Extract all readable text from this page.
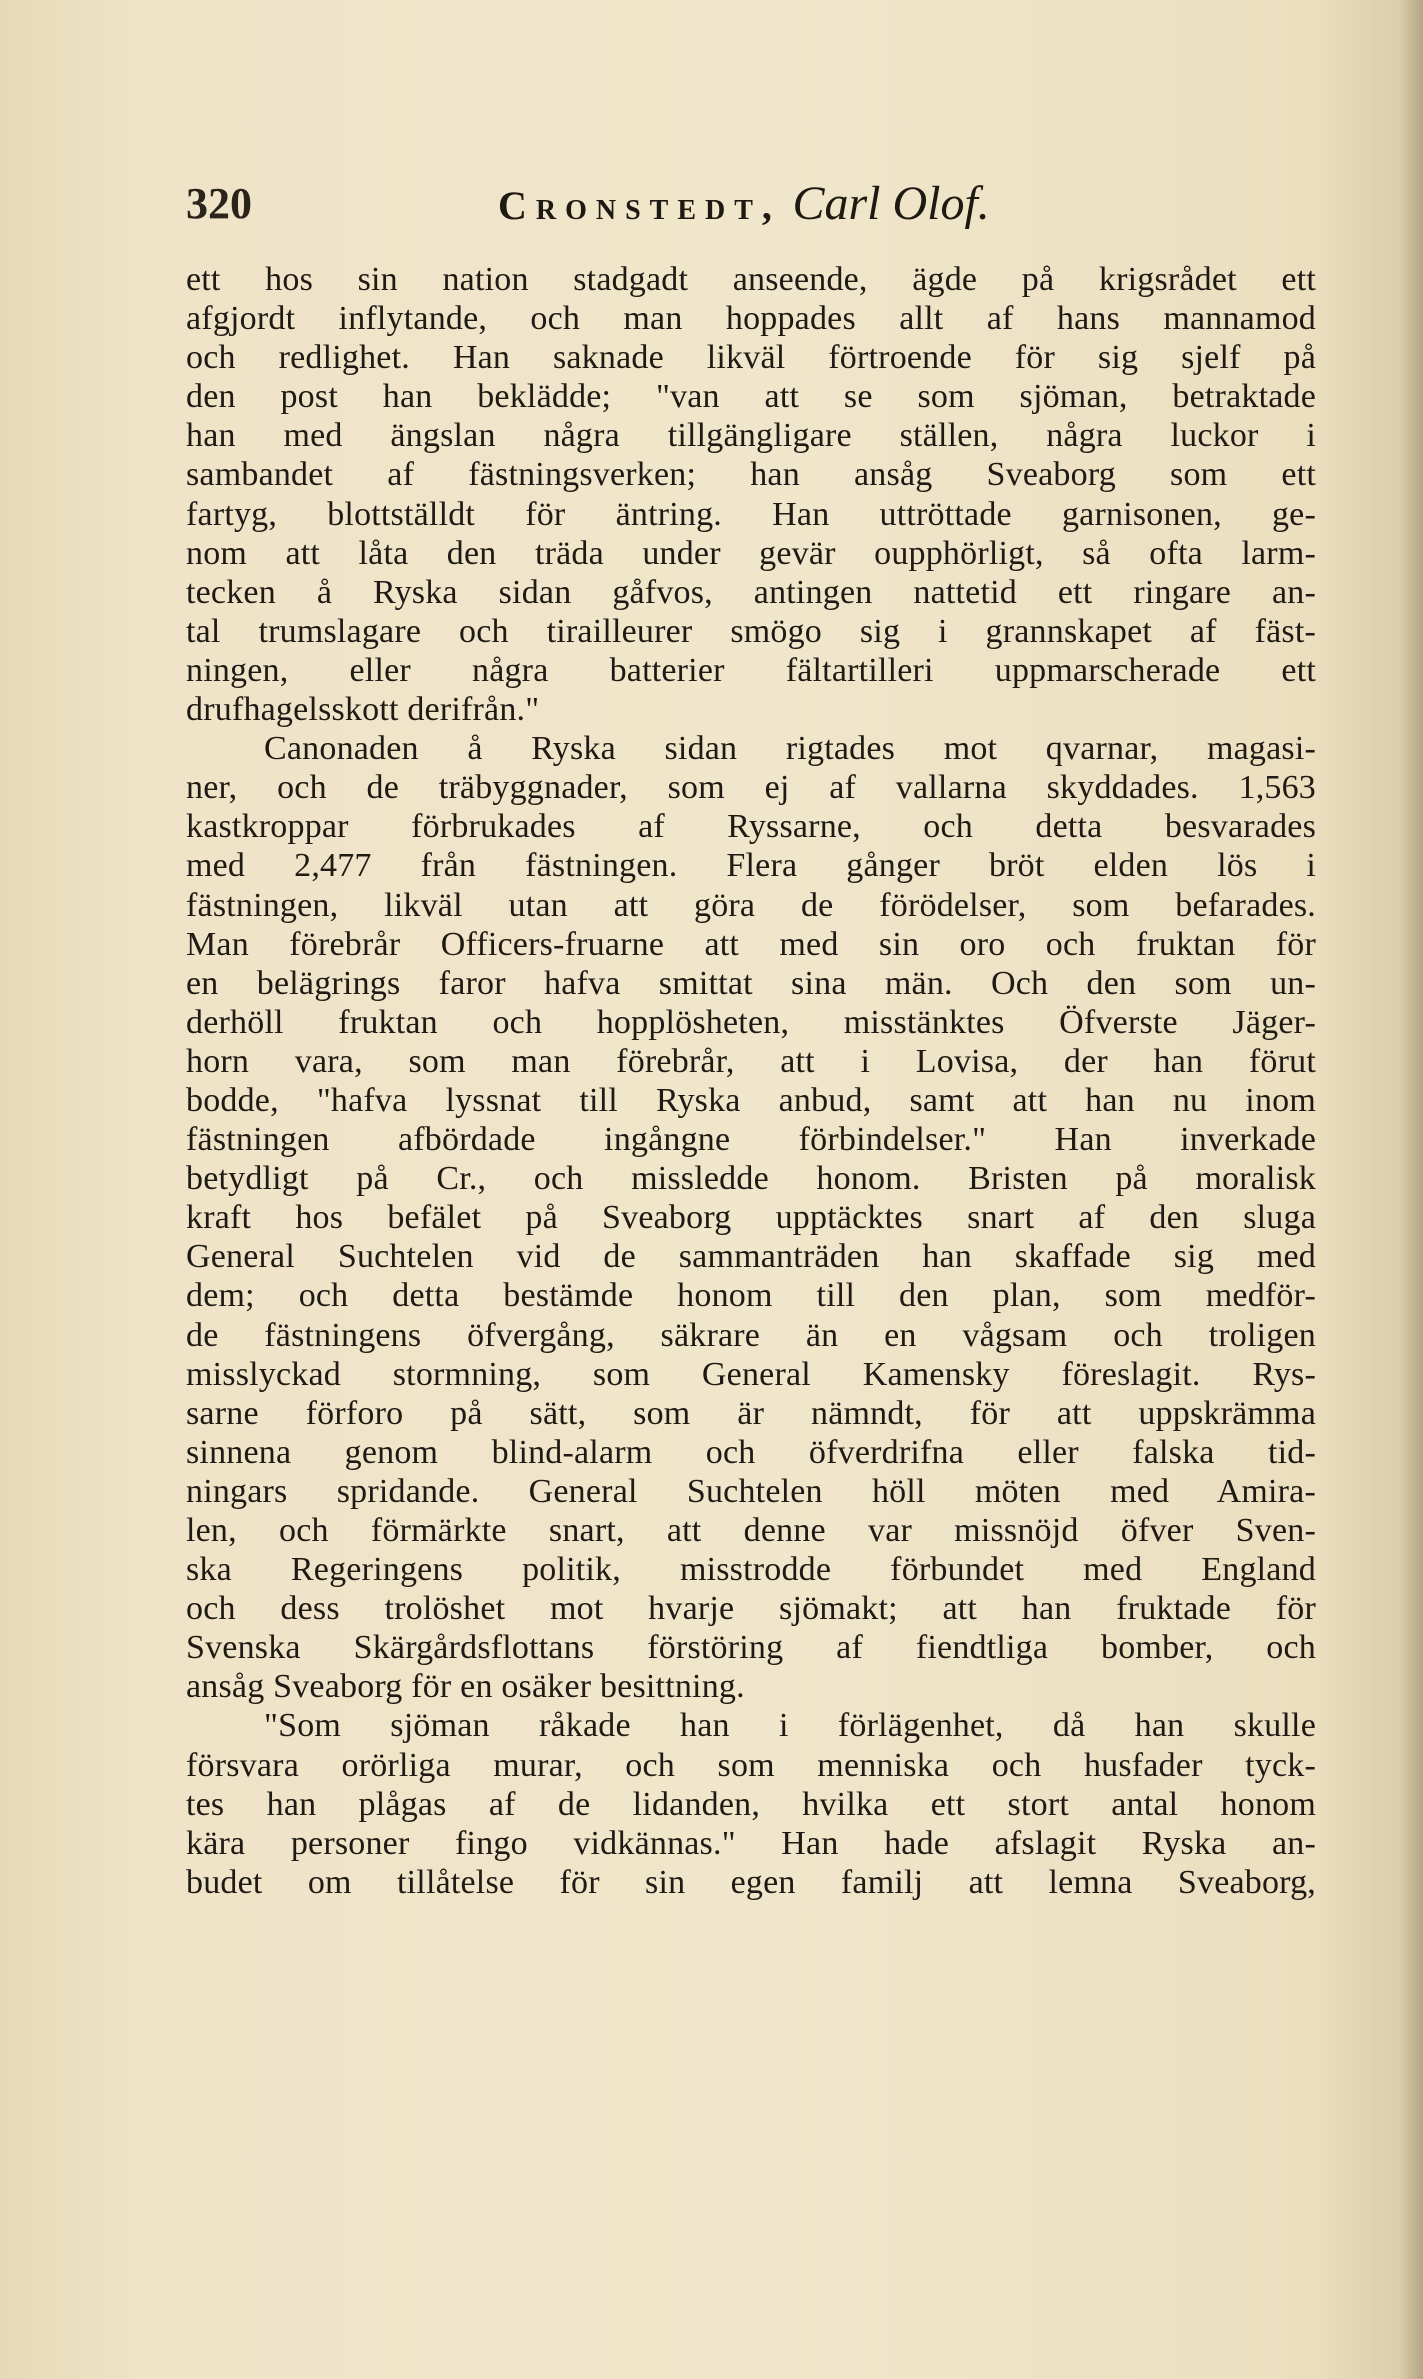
320	Cronstedt, Carl Olof.
ett hos sin nation stadgadt anseende, ägde på krigsrådet ett
afgjordt inflytande, och man hoppades allt af hans mannamod
och redlighet. Han saknade likväl förtroende för sig sjelf på
den post han beklädde; "van att se som sjöman, betraktade
han med ängslan några tillgängligare ställen, några luckor i
sambandet af fästningsverken; han ansåg Sveaborg som ett
fartyg, blottställdt för äntring. Han uttröttade garnisonen, ge-
nom att låta den träda under gevär oupphörligt, så ofta larm-
tecken å Ryska sidan gåfvos, antingen nattetid ett ringare an-
tal trumslagare och tirailleurer smögo sig i grannskapet af fäst-
ningen, eller några batterier fältartilleri uppmarscherade ett
drufhagelsskott derifrån."
Canonaden å Ryska sidan rigtades mot qvarnar, magasi-
ner, och de träbyggnader, som ej af vallarna skyddades. 1,563
kastkroppar förbrukades af Ryssarne, och detta besvarades
med 2,477 från fästningen. Flera gånger bröt elden lös i
fästningen, likväl utan att göra de förödelser, som befarades.
Man förebrår Officers-fruarne att med sin oro och fruktan för
en belägrings faror hafva smittat sina män. Och den som un-
derhöll fruktan och hopplösheten, misstänktes Öfverste Jäger-
horn vara, som man förebrår, att i Lovisa, der han förut
bodde, "hafva lyssnat till Ryska anbud, samt att han nu inom
fästningen afbördade ingångne förbindelser." Han inverkade
betydligt på Cr., och missledde honom. Bristen på moralisk
kraft hos befälet på Sveaborg upptäcktes snart af den sluga
General Suchtelen vid de sammanträden han skaffade sig med
dem; och detta bestämde honom till den plan, som medför-
de fästningens öfvergång, säkrare än en vågsam och troligen
misslyckad stormning, som General Kamensky föreslagit. Rys-
sarne förforo på sätt, som är nämndt, för att uppskrämma
sinnena genom blind-alarm och öfverdrifna eller falska tid-
ningars spridande. General Suchtelen höll möten med Amira-
len, och förmärkte snart, att denne var missnöjd öfver Sven-
ska Regeringens politik, misstrodde förbundet med England
och dess trolöshet mot hvarje sjömakt; att han fruktade för
Svenska Skärgårdsflottans förstöring af fiendtliga bomber, och
ansåg Sveaborg för en osäker besittning.
"Som sjöman råkade han i förlägenhet, då han skulle
försvara orörliga murar, och som menniska och husfader tyck-
tes han plågas af de lidanden, hvilka ett stort antal honom
kära personer fingo vidkännas." Han hade afslagit Ryska an-
budet om tillåtelse för sin egen familj att lemna Sveaborg,
